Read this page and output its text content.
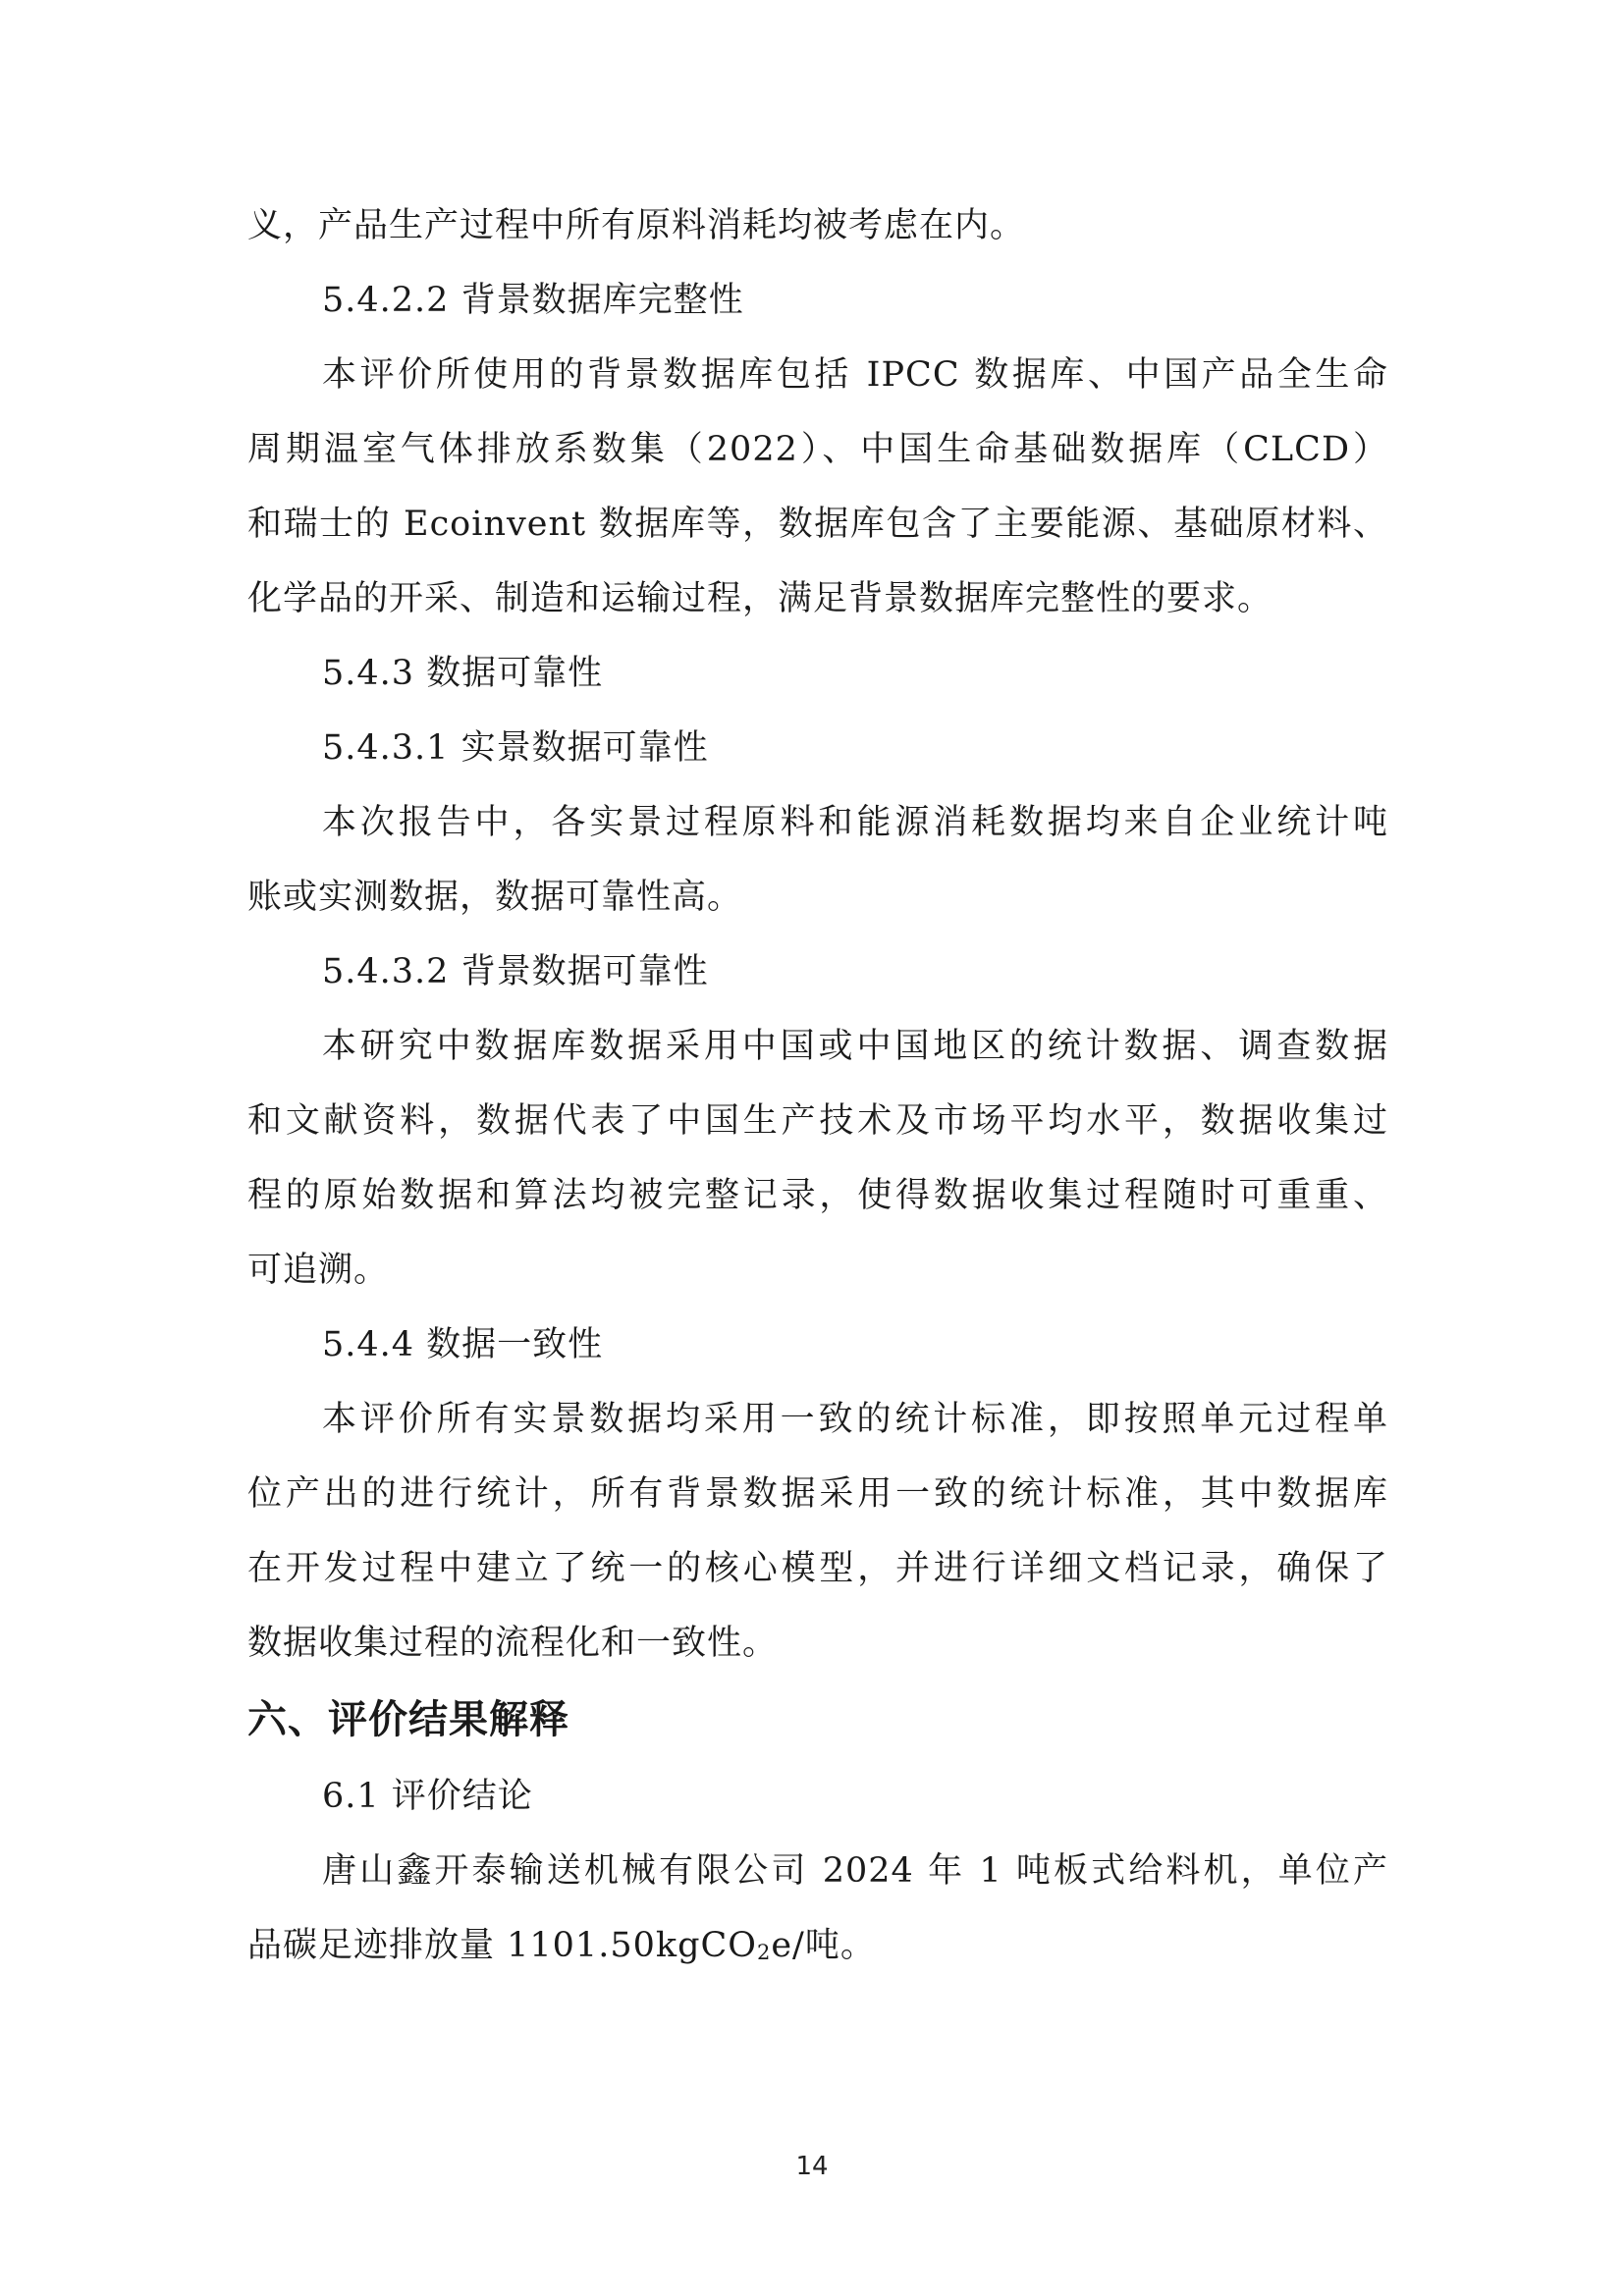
义，产品生产过程中所有原料消耗均被考虑在内。
5.4.2.2 背景数据库完整性
本评价所使用的背景数据库包括 IPCC 数据库、中国产品全生命
周期温室气体排放系数集（2022）、中国生命基础数据库（CLCD）
和瑞士的 Ecoinvent 数据库等，数据库包含了主要能源、基础原材料、
化学品的开采、制造和运输过程，满足背景数据库完整性的要求。
5.4.3 数据可靠性
5.4.3.1 实景数据可靠性
本次报告中，各实景过程原料和能源消耗数据均来自企业统计吨
账或实测数据，数据可靠性高。
5.4.3.2 背景数据可靠性
本研究中数据库数据采用中国或中国地区的统计数据、调查数据
和文献资料，数据代表了中国生产技术及市场平均水平，数据收集过
程的原始数据和算法均被完整记录，使得数据收集过程随时可重重、
可追溯。
5.4.4 数据一致性
本评价所有实景数据均采用一致的统计标准，即按照单元过程单
位产出的进行统计，所有背景数据采用一致的统计标准，其中数据库
在开发过程中建立了统一的核心模型，并进行详细文档记录，确保了
数据收集过程的流程化和一致性。
六、评价结果解释
6.1 评价结论
唐山鑫开泰输送机械有限公司 2024 年 1 吨板式给料机，单位产
品碳足迹排放量 1101.50kgCO$_2$e/吨。
14
